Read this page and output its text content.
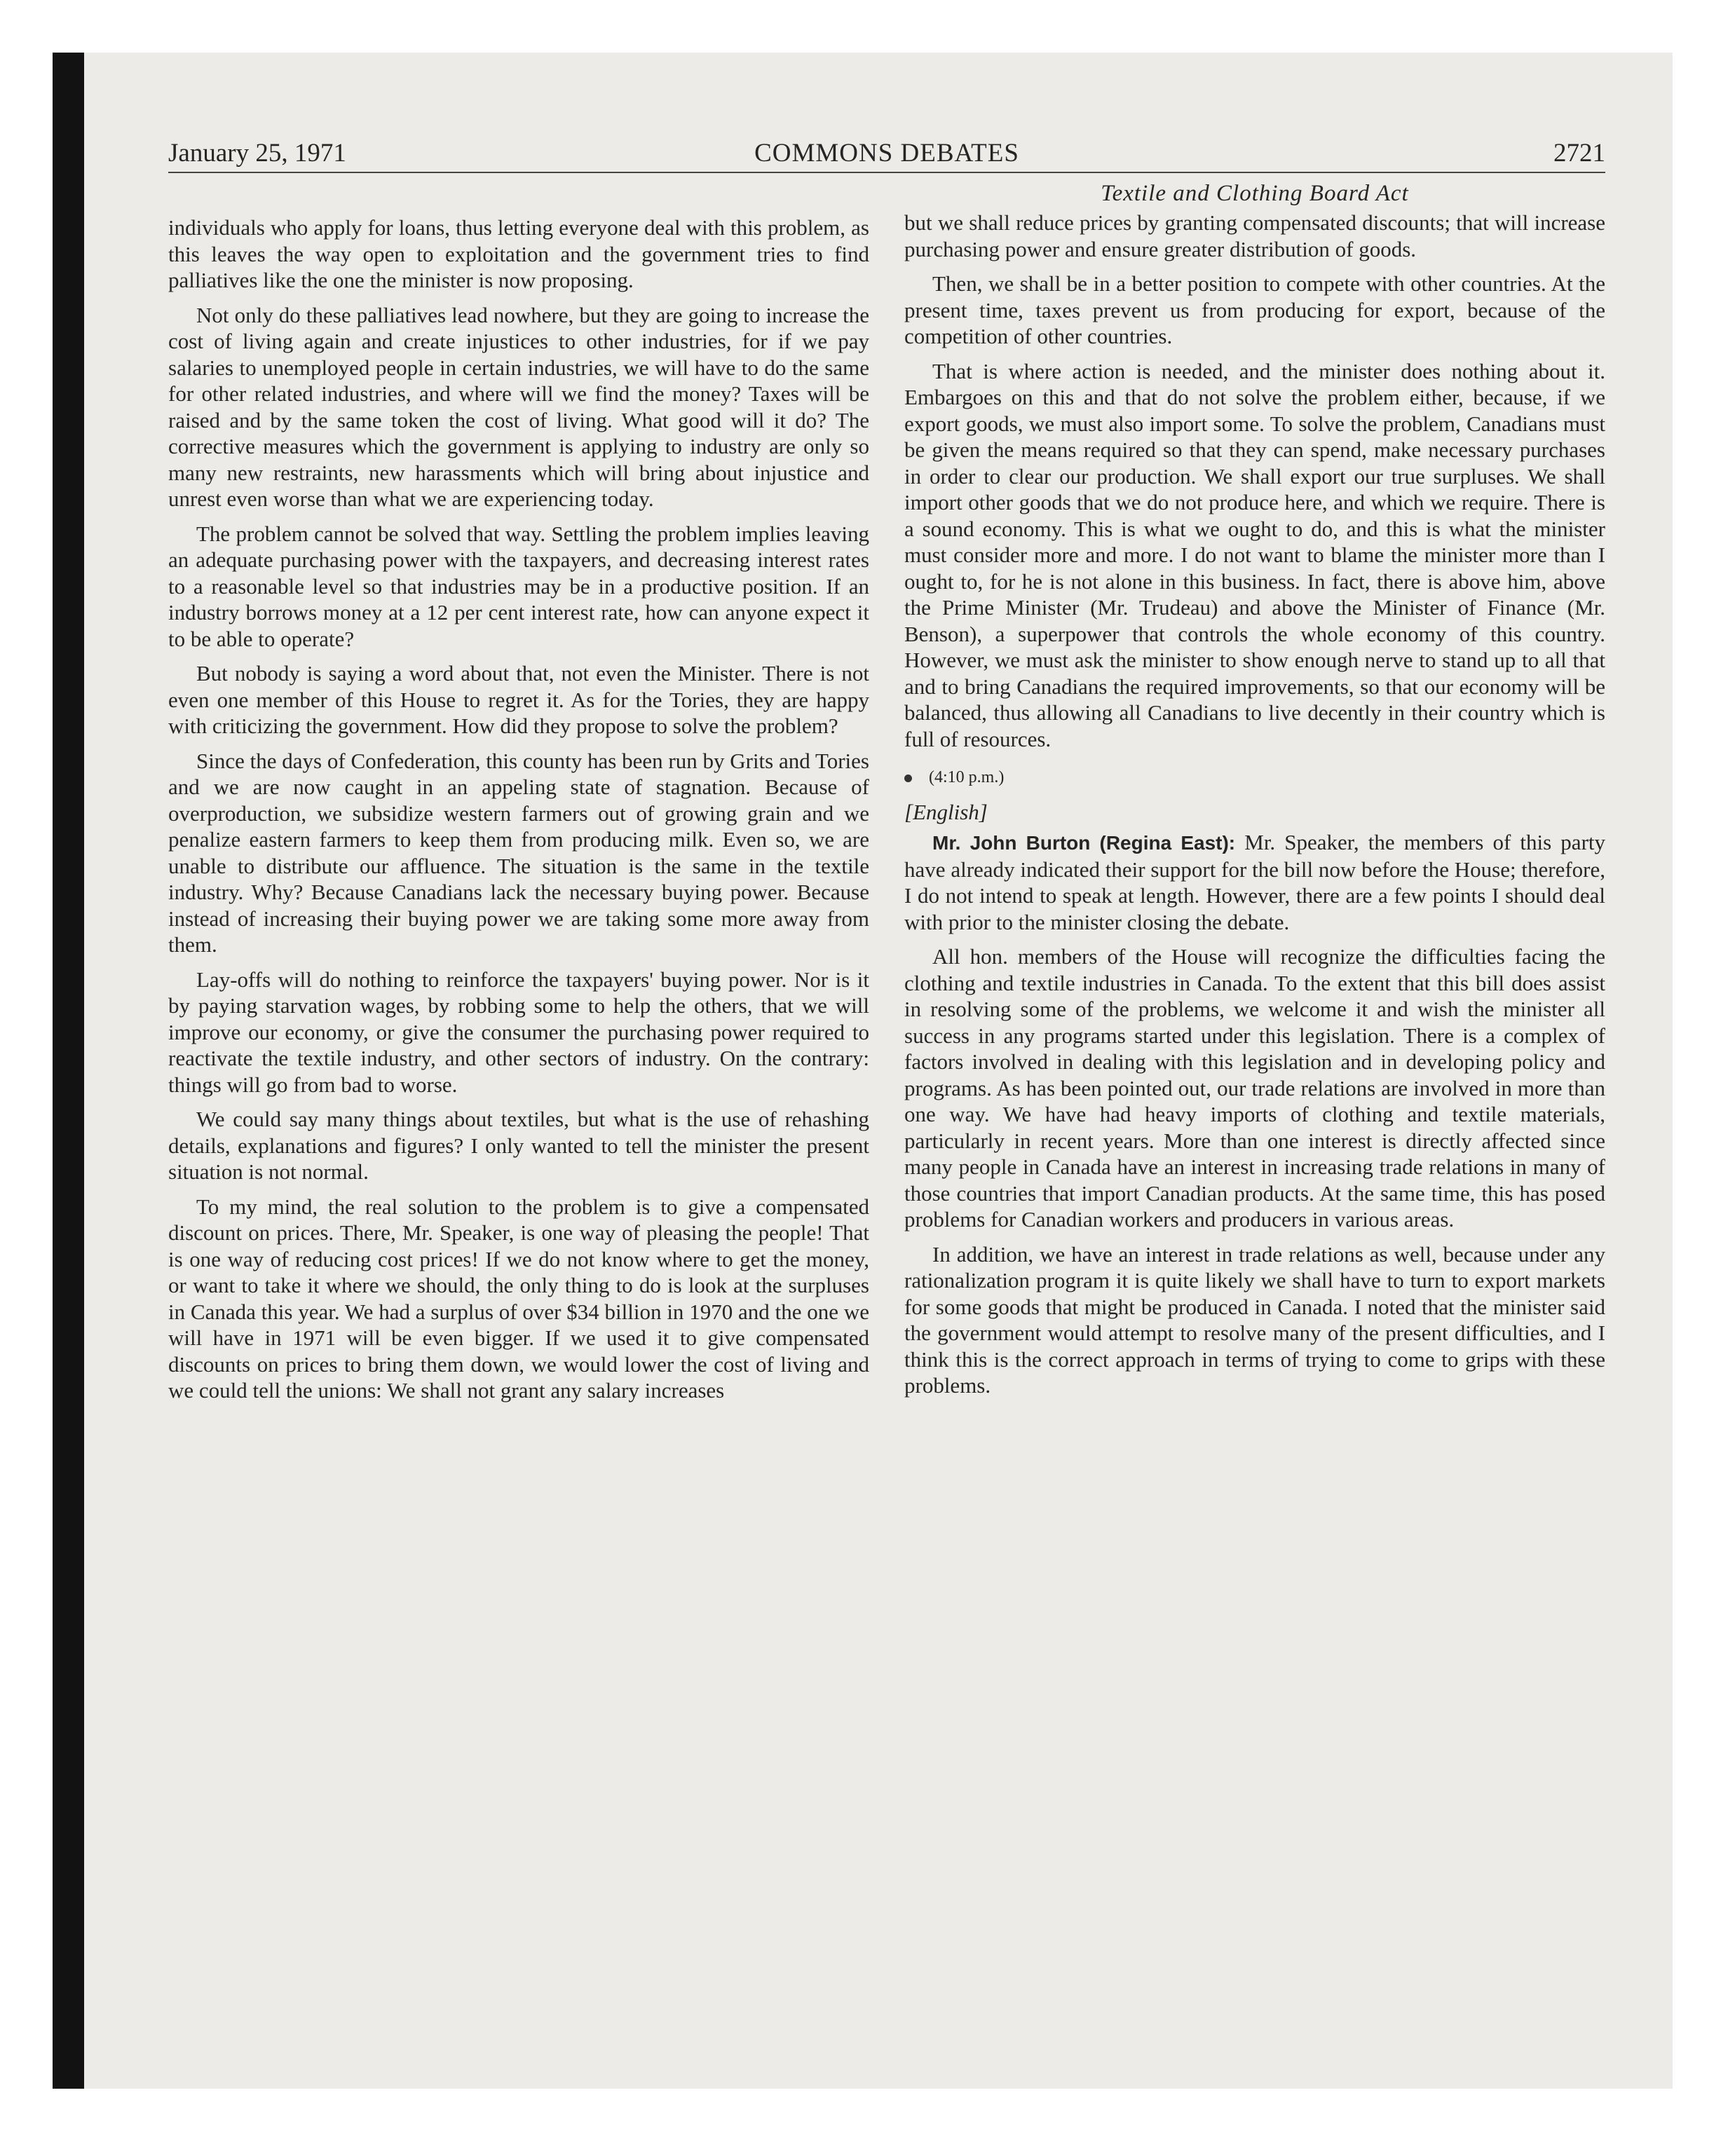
January 25, 1971	COMMONS DEBATES	2721

individuals who apply for loans, thus letting everyone deal with this problem, as this leaves the way open to exploitation and the government tries to find palliatives like the one the minister is now proposing.

Not only do these palliatives lead nowhere, but they are going to increase the cost of living again and create injustices to other industries, for if we pay salaries to unemployed people in certain industries, we will have to do the same for other related industries, and where will we find the money? Taxes will be raised and by the same token the cost of living. What good will it do? The corrective measures which the government is applying to industry are only so many new restraints, new harassments which will bring about injustice and unrest even worse than what we are experiencing today.

The problem cannot be solved that way. Settling the problem implies leaving an adequate purchasing power with the taxpayers, and decreasing interest rates to a reasonable level so that industries may be in a productive position. If an industry borrows money at a 12 per cent interest rate, how can anyone expect it to be able to operate?

But nobody is saying a word about that, not even the Minister. There is not even one member of this House to regret it. As for the Tories, they are happy with criticizing the government. How did they propose to solve the problem?

Since the days of Confederation, this county has been run by Grits and Tories and we are now caught in an appeling state of stagnation. Because of overproduction, we subsidize western farmers out of growing grain and we penalize eastern farmers to keep them from producing milk. Even so, we are unable to distribute our affluence. The situation is the same in the textile industry. Why? Because Canadians lack the necessary buying power. Because instead of increasing their buying power we are taking some more away from them.

Lay-offs will do nothing to reinforce the taxpayers' buying power. Nor is it by paying starvation wages, by robbing some to help the others, that we will improve our economy, or give the consumer the purchasing power required to reactivate the textile industry, and other sectors of industry. On the contrary: things will go from bad to worse.

We could say many things about textiles, but what is the use of rehashing details, explanations and figures? I only wanted to tell the minister the present situation is not normal.

To my mind, the real solution to the problem is to give a compensated discount on prices. There, Mr. Speaker, is one way of pleasing the people! That is one way of reducing cost prices! If we do not know where to get the money, or want to take it where we should, the only thing to do is look at the surpluses in Canada this year. We had a surplus of over $34 billion in 1970 and the one we will have in 1971 will be even bigger. If we used it to give compensated discounts on prices to bring them down, we would lower the cost of living and we could tell the unions: We shall not grant any salary increases

Textile and Clothing Board Act

but we shall reduce prices by granting compensated discounts; that will increase purchasing power and ensure greater distribution of goods.

Then, we shall be in a better position to compete with other countries. At the present time, taxes prevent us from producing for export, because of the competition of other countries.

That is where action is needed, and the minister does nothing about it. Embargoes on this and that do not solve the problem either, because, if we export goods, we must also import some. To solve the problem, Canadians must be given the means required so that they can spend, make necessary purchases in order to clear our production. We shall export our true surpluses. We shall import other goods that we do not produce here, and which we require. There is a sound economy. This is what we ought to do, and this is what the minister must consider more and more. I do not want to blame the minister more than I ought to, for he is not alone in this business. In fact, there is above him, above the Prime Minister (Mr. Trudeau) and above the Minister of Finance (Mr. Benson), a superpower that controls the whole economy of this country. However, we must ask the minister to show enough nerve to stand up to all that and to bring Canadians the required improvements, so that our economy will be balanced, thus allowing all Canadians to live decently in their country which is full of resources.

(4:10 p.m.)
[English]

Mr. John Burton (Regina East): Mr. Speaker, the members of this party have already indicated their support for the bill now before the House; therefore, I do not intend to speak at length. However, there are a few points I should deal with prior to the minister closing the debate.

All hon. members of the House will recognize the difficulties facing the clothing and textile industries in Canada. To the extent that this bill does assist in resolving some of the problems, we welcome it and wish the minister all success in any programs started under this legislation. There is a complex of factors involved in dealing with this legislation and in developing policy and programs. As has been pointed out, our trade relations are involved in more than one way. We have had heavy imports of clothing and textile materials, particularly in recent years. More than one interest is directly affected since many people in Canada have an interest in increasing trade relations in many of those countries that import Canadian products. At the same time, this has posed problems for Canadian workers and producers in various areas.

In addition, we have an interest in trade relations as well, because under any rationalization program it is quite likely we shall have to turn to export markets for some goods that might be produced in Canada. I noted that the minister said the government would attempt to resolve many of the present difficulties, and I think this is the correct approach in terms of trying to come to grips with these problems.
